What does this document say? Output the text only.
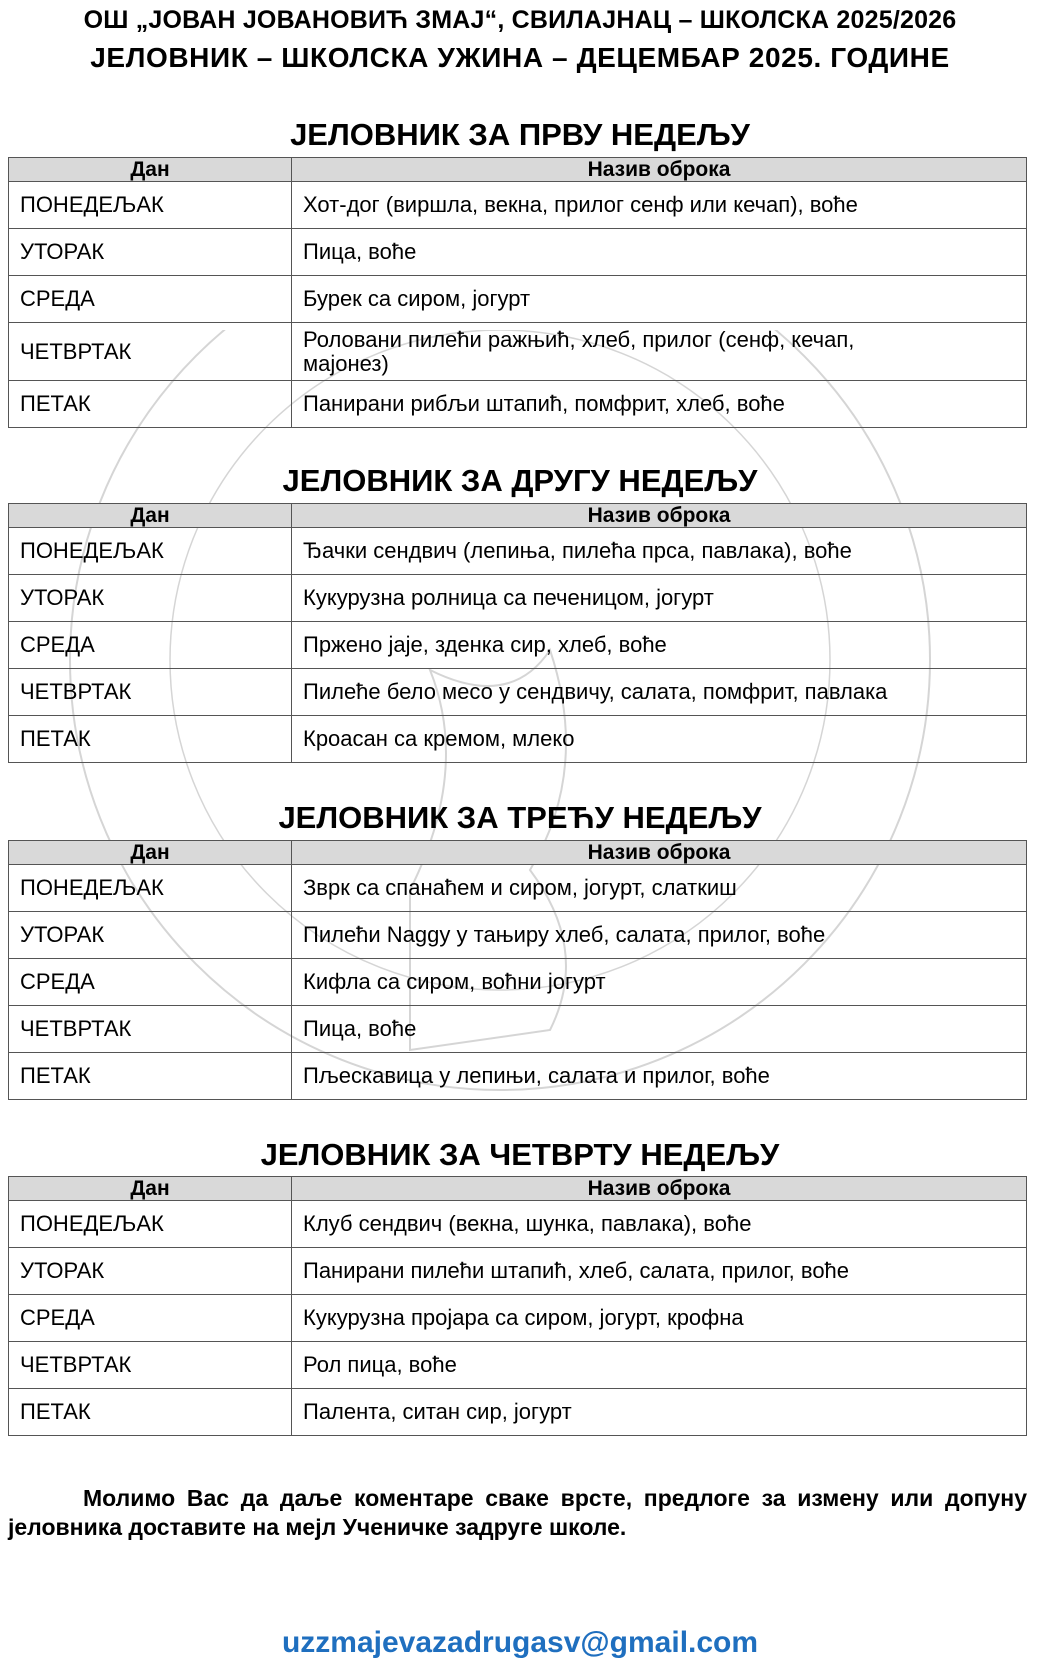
ОШ „ЈОВАН ЈОВАНОВИЋ ЗМАЈ“, СВИЛАЈНАЦ – ШКОЛСКА 2025/2026
ЈЕЛОВНИК – ШКОЛСКА УЖИНА – ДЕЦЕМБАР 2025. ГОДИНЕ
ЈЕЛОВНИК ЗА ПРВУ НЕДЕЉУ
Дан	Назив оброка
ПОНЕДЕЉАК	Хот-дог (виршла, векна, прилог сенф или кечап), воће
УТОРАК	Пица, воће
СРЕДА	Бурек са сиром, јогурт
ЧЕТВРТАК	Роловани пилећи ражњић, хлеб, прилог (сенф, кечап, мајонез)
ПЕТАК	Панирани рибљи штапић, помфрит, хлеб, воће
ЈЕЛОВНИК ЗА ДРУГУ НЕДЕЉУ
Дан	Назив оброка
ПОНЕДЕЉАК	Ђачки сендвич (лепиња, пилећа прса, павлака), воће
УТОРАК	Кукурузна ролница са печеницом, јогурт
СРЕДА	Пржено јаје, зденка сир, хлеб, воће
ЧЕТВРТАК	Пилеће бело месо у сендвичу, салата, помфрит, павлака
ПЕТАК	Кроасан са кремом, млеко
ЈЕЛОВНИК ЗА ТРЕЋУ НЕДЕЉУ
Дан	Назив оброка
ПОНЕДЕЉАК	Зврк са спанаћем и сиром, јогурт, слаткиш
УТОРАК	Пилећи Naggy у тањиру хлеб, салата, прилог, воће
СРЕДА	Кифла са сиром, воћни јогурт
ЧЕТВРТАК	Пица, воће
ПЕТАК	Пљескавица у лепињи, салата и прилог, воће
ЈЕЛОВНИК ЗА ЧЕТВРТУ НЕДЕЉУ
Дан	Назив оброка
ПОНЕДЕЉАК	Клуб сендвич (векна, шунка, павлака), воће
УТОРАК	Панирани пилећи штапић, хлеб, салата, прилог, воће
СРЕДА	Кукурузна пројара са сиром, јогурт, крофна
ЧЕТВРТАК	Рол пица, воће
ПЕТАК	Палента, ситан сир, јогурт
Молимо Вас да даље коментаре сваке врсте, предлоге за измену или допуну јеловника доставите на мејл Ученичке задруге школе.
uzzmajevazadrugasv@gmail.com
